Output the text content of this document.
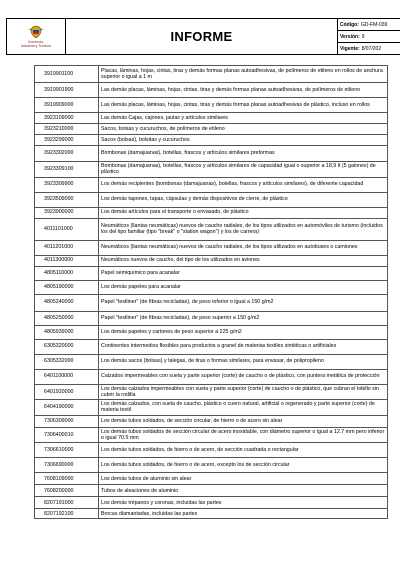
Comercio,
Industria y Turismo
INFORME
Código: GD-FM-039
Versión: 9
Vigente: 8/07/202
3919901100	Placas, láminas, hojas, cintas, tiras y demás formas planas autoadhesivas, de polímeros de etileno en rollos de anchura superior o igual a 1 m
3919901900	Las demás placas, láminas, hojas, cintas, tiras y demás formas planas autoadhesivas, de polímeros de etileno
3919909000	Las demás placas, láminas, hojas, cintas, tiras y demás formas planas autoadhesivas de plástico, incluso en rollos
3923109000	Las demás Cajas, cajones, jaulas y artículos similares
3923210000	Sacos, bolsas y cucuruchos, de polímeros de etileno
3923299000	Sacos (bolsas), bolsitas y cucuruchos
3923302000	Bombonas (damajuanas), botellas, frascos y artículos similares preformas
3923309100	Bombonas (damajuanas), botellas, frascos y artículos similares de capacidad igual o superior a 18,9 lt (5 galones) de plástico
3923309900	Los demás recipientes (bombonas (damajuanas), botellas, frascos y artículos similares), de diferente capacidad
3923509000	Los demás tapones, tapas, cápsulas y demás dispositivos de cierre, de plástico
3923900000	Los demás artículos para el transporte o envasado, de plástico
4011101000	Neumáticos (llantas neumáticas) nuevos de caucho radiales, de los tipos utilizados en automóviles de turismo (incluidos los del tipo familiar (tipo "break" o "station wagon") y los de carrera)
4011201000	Neumáticos (llantas neumáticas) nuevos de caucho radiales, de los tipos utilizados en autobuses o camiones
4011300000	Neumáticos nuevos de caucho, del tipo de los utilizados en aviones
4805110000	Papel semiquímico para acanalar
4805190000	Los demás papeles para acanalar
4805240000	Papel "testliner" (de fibras recicladas), de peso inferior o igual a 150 g/m2
4805250000	Papel "testliner" (de fibras recicladas), de peso superior a 150 g/m2
4805939000	Los demás papeles y cartones de peso superior a 225 g/m2
6305320000	Continentes intermedios flexibles para productos a granel de materias textiles sintéticas o artificiales
6305332000	Los demás sacos (bolsas) y talegas, de tiras o formas similares, para envasar, de polipropileno
6401100000	Calzados impermeables con suela y parte superior (corte) de caucho o de plástico, con puntera metálica de protección
6401920000	Los demás calzados impermeables con suela y parte superior (corte) de caucho o de plástico, que cubran el tobillo sin cubrir la rodilla
6404190000	Los demás calzados, con suela de caucho, plástico o cuero natural, artificial o regenerado y parte superior (corte) de materia textil
7306309000	Los demás tubos soldados, de sección circular, de hierro o de acero sin alear
7306400010	Los demás tubos soldados de sección circular de acero inoxidable, con diámetro superior o igual a 12.7 mm pero inferior o igual 70.5 mm
7306610000	Los demás tubos soldados, de hierro o de acero, de sección cuadrada o rectangular
7306690000	Los demás tubos soldados, de hierro o de acero, excepto los de sección circular
7608109000	Los demás tubos de aluminio sin alear
7608200000	Tubos de aleaciones de aluminio
8207191000	Los demás trépanos y coronas, incluidas las partes
8207192100	Brocas diamantadas, incluidas las partes
